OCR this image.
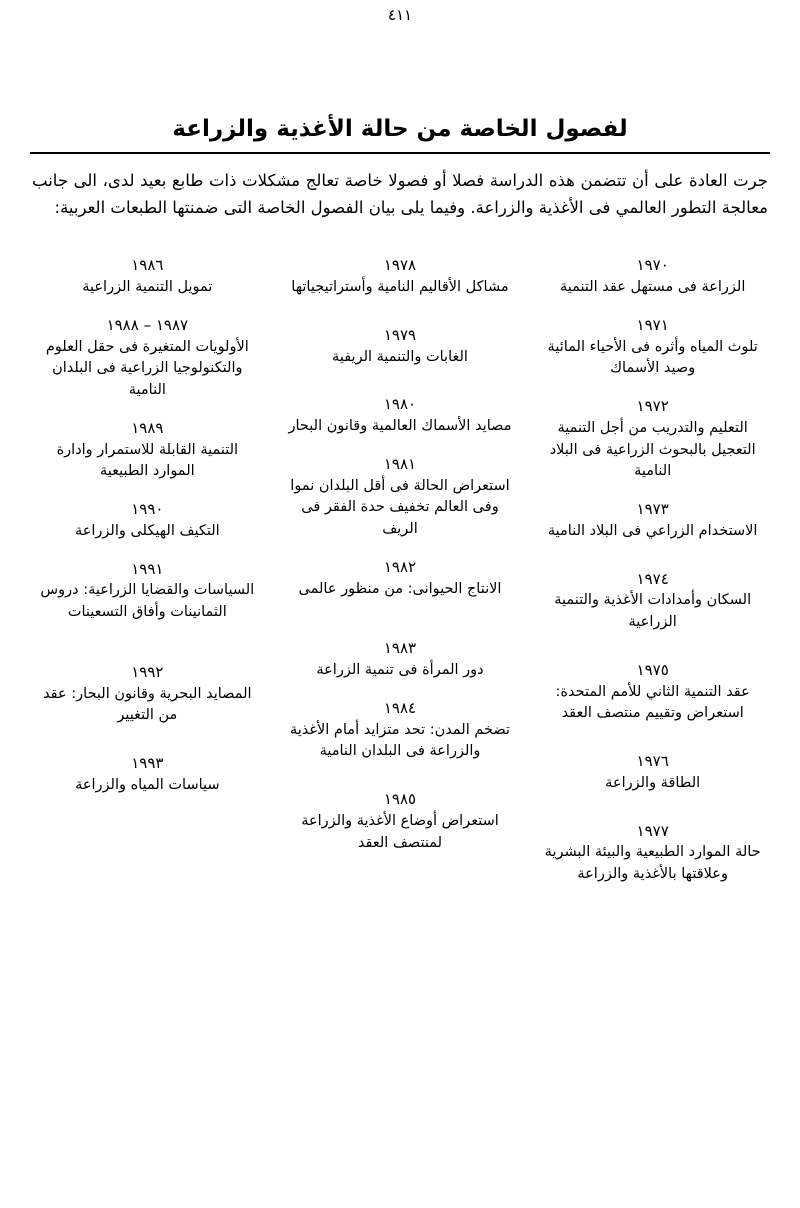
٤١١
لفصول الخاصة من حالة الأغذية والزراعة

جرت العادة على أن تتضمن هذه الدراسة فصلا أو فصولا خاصة تعالج مشكلات ذات طابع بعيد لدى، الى جانب معالجة التطور العالمي فى الأغذية والزراعة. وفيما يلى بيان الفصول الخاصة التى ضمنتها الطبعات العربية:

١٩٧٠
الزراعة فى مستهل عقد التنمية
١٩٧١
تلوث المياه وأثره فى الأحياء المائية وصيد الأسماك
١٩٧٢
التعليم والتدريب من أجل التنمية التعجيل بالبحوث الزراعية فى البلاد النامية
١٩٧٣
الاستخدام الزراعي فى البلاد النامية
١٩٧٤
السكان وأمدادات الأغذية والتنمية الزراعية
١٩٧٥
عقد التنمية الثاني للأمم المتحدة: استعراض وتقييم منتصف العقد
١٩٧٦
الطاقة والزراعة
١٩٧٧
حالة الموارد الطبيعية والبيئة البشرية وعلاقتها بالأغذية والزراعة
١٩٧٨
مشاكل الأقاليم النامية وأستراتيجياتها
١٩٧٩
الغابات والتنمية الريفية
١٩٨٠
مصايد الأسماك العالمية وقانون البحار
١٩٨١
استعراض الحالة فى أقل البلدان نموا وفى العالم تخفيف حدة الفقر فى الريف
١٩٨٢
الانتاج الحيوانى: من منظور عالمى
١٩٨٣
دور المرأة فى تنمية الزراعة
١٩٨٤
تضخم المدن: تحد متزايد أمام الأغذية والزراعة فى البلدان النامية
١٩٨٥
استعراض أوضاع الأغذية والزراعة لمنتصف العقد
١٩٨٦
تمويل التنمية الزراعية
١٩٨٧ – ١٩٨٨
الأولويات المتغيرة فى حقل العلوم والتكنولوجيا الزراعية فى البلدان النامية
١٩٨٩
التنمية القابلة للاستمرار وادارة الموارد الطبيعية
١٩٩٠
التكيف الهيكلى والزراعة
١٩٩١
السياسات والقضايا الزراعية: دروس الثمانينات وأفاق التسعينات
١٩٩٢
المصايد البحرية وقانون البحار: عقد من التغيير
١٩٩٣
سياسات المياه والزراعة
